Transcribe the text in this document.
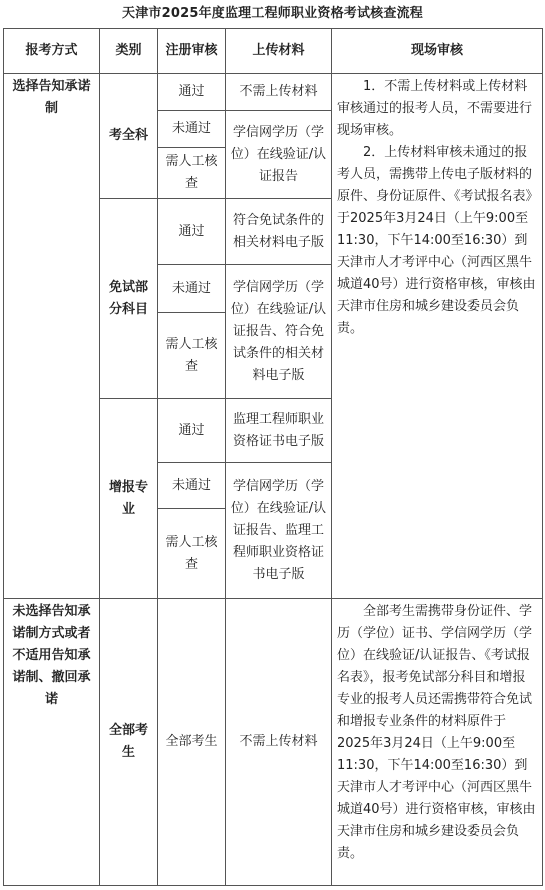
天津市2025年度监理工程师职业资格考试核查流程
报考方式	类别	注册审核	上传材料	现场审核
选择告知承诺制	考全科	通过	不需上传材料	1．不需上传材料或上传材料审核通过的报考人员，不需要进行现场审核。

2．上传材料审核未通过的报考人员，需携带上传电子版材料的原件、身份证原件、《考试报名表》于2025年3月24日（上午9:00至11:30，下午14:00至16:30）到天津市人才考评中心（河西区黑牛城道40号）进行资格审核，审核由天津市住房和城乡建设委员会负责。

		未通过	学信网学历（学位）在线验证/认证报告	
		需人工核查		
	免试部分科目	通过	符合免试条件的相关材料电子版	
		未通过	学信网学历（学位）在线验证/认证报告、符合免试条件的相关材料电子版	
		需人工核查		
	增报专业	通过	监理工程师职业资格证书电子版	
		未通过	学信网学历（学位）在线验证/认证报告、监理工程师职业资格证书电子版	
		需人工核查		
未选择告知承诺制方式或者不适用告知承诺制、撤回承诺	全部考生	全部考生	不需上传材料	全部考生需携带身份证件、学历（学位）证书、学信网学历（学位）在线验证/认证报告、《考试报名表》，报考免试部分科目和增报专业的报考人员还需携带符合免试和增报专业条件的材料原件于2025年3月24日（上午9:00至11:30，下午14:00至16:30）到天津市人才考评中心（河西区黑牛城道40号）进行资格审核，审核由天津市住房和城乡建设委员会负责。
